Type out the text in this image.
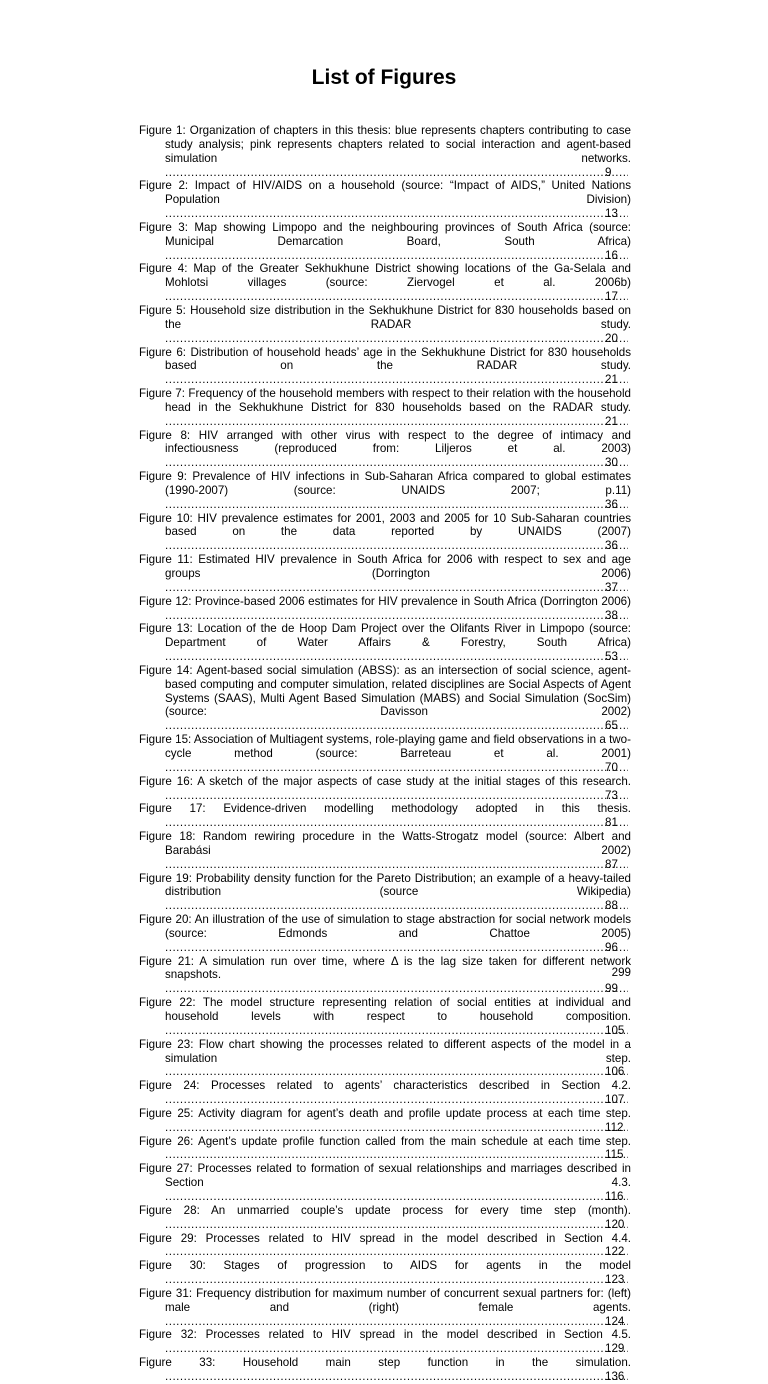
List of Figures

Figure 1: Organization of chapters in this thesis: blue represents chapters contributing to case study analysis; pink represents chapters related to social interaction and agent-based simulation networks. .....
9

Figure 2: Impact of HIV/AIDS on a household (source: “Impact of AIDS,” United Nations Population Division) .....
13

Figure 3: Map showing Limpopo and the neighbouring provinces of South Africa (source: Municipal Demarcation Board, South Africa) .....
16

Figure 4: Map of the Greater Sekhukhune District showing locations of the Ga-Selala and Mohlotsi villages (source: Ziervogel et al. 2006b) .....
17

Figure 5: Household size distribution in the Sekhukhune District for 830 households based on the RADAR study. .....
20

Figure 6: Distribution of household heads’ age in the Sekhukhune District for 830 households based on the RADAR study. .....
21

Figure 7: Frequency of the household members with respect to their relation with the household head in the Sekhukhune District for 830 households based on the RADAR study. .....
21

Figure 8: HIV arranged with other virus with respect to the degree of intimacy and infectiousness (reproduced from: Liljeros et al. 2003) .....
30

Figure 9: Prevalence of HIV infections in Sub-Saharan Africa compared to global estimates (1990-2007) (source: UNAIDS 2007; p.11) .....
36

Figure 10: HIV prevalence estimates for 2001, 2003 and 2005 for 10 Sub-Saharan countries based on the data reported by UNAIDS (2007) .....
36

Figure 11: Estimated HIV prevalence in South Africa for 2006 with respect to sex and age groups (Dorrington 2006) .....
37

Figure 12: Province-based 2006 estimates for HIV prevalence in South Africa (Dorrington 2006) .....
38

Figure 13: Location of the de Hoop Dam Project over the Olifants River in Limpopo (source: Department of Water Affairs & Forestry, South Africa) .....
53

Figure 14: Agent-based social simulation (ABSS): as an intersection of social science, agent-based computing and computer simulation, related disciplines are Social Aspects of Agent Systems (SAAS), Multi Agent Based Simulation (MABS) and Social Simulation (SocSim) (source: Davisson 2002) .....
65

Figure 15: Association of Multiagent systems, role-playing game and field observations in a two-cycle method (source: Barreteau et al. 2001) .....
70

Figure 16: A sketch of the major aspects of case study at the initial stages of this research. .....
73

Figure 17: Evidence-driven modelling methodology adopted in this thesis. .....
81

Figure 18: Random rewiring procedure in the Watts-Strogatz model (source: Albert and Barabási 2002) .....
87

Figure 19: Probability density function for the Pareto Distribution; an example of a heavy-tailed distribution (source Wikipedia) .....
88

Figure 20: An illustration of the use of simulation to stage abstraction for social network models (source: Edmonds and Chattoe 2005) .....
96

Figure 21: A simulation run over time, where Δ is the lag size taken for different network snapshots. .....
99

Figure 22: The model structure representing relation of social entities at individual and household levels with respect to household composition. .....
105

Figure 23: Flow chart showing the processes related to different aspects of the model in a simulation step. .....
106

Figure 24: Processes related to agents’ characteristics described in Section 4.2. .....
107

Figure 25: Activity diagram for agent’s death and profile update process at each time step. .....
112

Figure 26: Agent’s update profile function called from the main schedule at each time step. .....
115

Figure 27: Processes related to formation of sexual relationships and marriages described in Section 4.3. .....
116

Figure 28: An unmarried couple’s update process for every time step (month). .....
120

Figure 29: Processes related to HIV spread in the model described in Section 4.4. .....
122

Figure 30: Stages of progression to AIDS for agents in the model .....
123

Figure 31: Frequency distribution for maximum number of concurrent sexual partners for: (left) male and (right) female agents. .....
124

Figure 32: Processes related to HIV spread in the model described in Section 4.5. .....
129

Figure 33: Household main step function in the simulation. .....
136

299
